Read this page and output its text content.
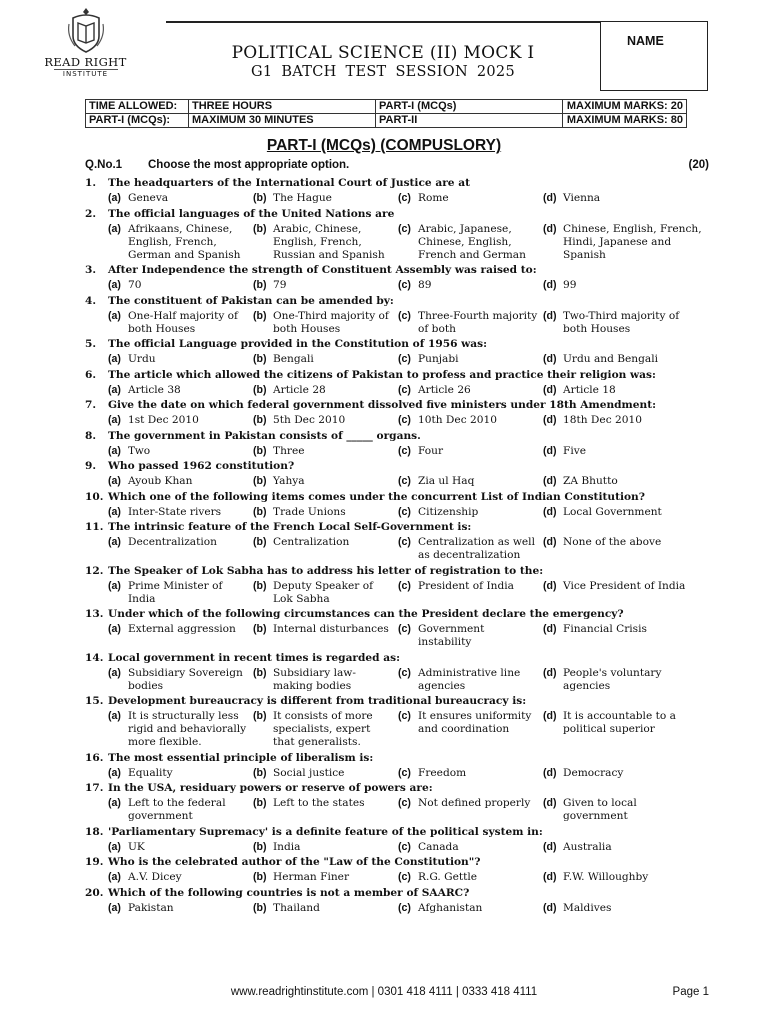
READ RIGHT
INSTITUTE
POLITICAL SCIENCE (II) MOCK I
G1 BATCH TEST SESSION 2025
NAME
TIME ALLOWED:	THREE HOURS	PART-I (MCQs)	MAXIMUM MARKS: 20
PART-I (MCQs):	MAXIMUM 30 MINUTES	PART-II	MAXIMUM MARKS: 80
PART-I (MCQs) (COMPUSLORY)
Q.No.1 Choose the most appropriate option.	(20)
1. The headquarters of the International Court of Justice are at
(a) Geneva	(b) The Hague	(c) Rome	(d) Vienna
2. The official languages of the United Nations are
(a) Afrikaans, Chinese, English, French, German and Spanish
(b) Arabic, Chinese, English, French, Russian and Spanish
(c) Arabic, Japanese, Chinese, English, French and German
(d) Chinese, English, French, Hindi, Japanese and Spanish
3. After Independence the strength of Constituent Assembly was raised to:
(a) 70	(b) 79	(c) 89	(d) 99
4. The constituent of Pakistan can be amended by:
(a) One-Half majority of both Houses
(b) One-Third majority of both Houses
(c) Three-Fourth majority of both
(d) Two-Third majority of both Houses
5. The official Language provided in the Constitution of 1956 was:
(a) Urdu	(b) Bengali	(c) Punjabi	(d) Urdu and Bengali
6. The article which allowed the citizens of Pakistan to profess and practice their religion was:
(a) Article 38	(b) Article 28	(c) Article 26	(d) Article 18
7. Give the date on which federal government dissolved five ministers under 18th Amendment:
(a) 1st Dec 2010	(b) 5th Dec 2010	(c) 10th Dec 2010	(d) 18th Dec 2010
8. The government in Pakistan consists of _____ organs.
(a) Two	(b) Three	(c) Four	(d) Five
9. Who passed 1962 constitution?
(a) Ayoub Khan	(b) Yahya	(c) Zia ul Haq	(d) ZA Bhutto
10. Which one of the following items comes under the concurrent List of Indian Constitution?
(a) Inter-State rivers	(b) Trade Unions	(c) Citizenship	(d) Local Government
11. The intrinsic feature of the French Local Self-Government is:
(a) Decentralization	(b) Centralization	(c) Centralization as well as decentralization
(d) None of the above
12. The Speaker of Lok Sabha has to address his letter of registration to the:
(a) Prime Minister of India
(b) Deputy Speaker of Lok Sabha
(c) President of India	(d) Vice President of India
13. Under which of the following circumstances can the President declare the emergency?
(a) External aggression	(b) Internal disturbances (c) Government instability
(d) Financial Crisis
14. Local government in recent times is regarded as:
(a) Subsidiary Sovereign bodies
(b) Subsidiary law-making bodies
(c) Administrative line agencies
(d) People's voluntary agencies
15. Development bureaucracy is different from traditional bureaucracy is:
(a) It is structurally less rigid and behaviorally more flexible.
(b) It consists of more specialists, expert that generalists.
(c) It ensures uniformity and coordination
(d) It is accountable to a political superior
16. The most essential principle of liberalism is:
(a) Equality	(b) Social justice	(c) Freedom	(d) Democracy
17. In the USA, residuary powers or reserve of powers are:
(a) Left to the federal government
(b) Left to the states	(c) Not defined properly	(d) Given to local government
18. 'Parliamentary Supremacy' is a definite feature of the political system in:
(a) UK	(b) India	(c) Canada	(d) Australia
19. Who is the celebrated author of the "Law of the Constitution"?
(a) A.V. Dicey	(b) Herman Finer	(c) R.G. Gettle	(d) F.W. Willoughby
20. Which of the following countries is not a member of SAARC?
(a) Pakistan	(b) Thailand	(c) Afghanistan	(d) Maldives
www.readrightinstitute.com | 0301 418 4111 | 0333 418 4111	Page 1
